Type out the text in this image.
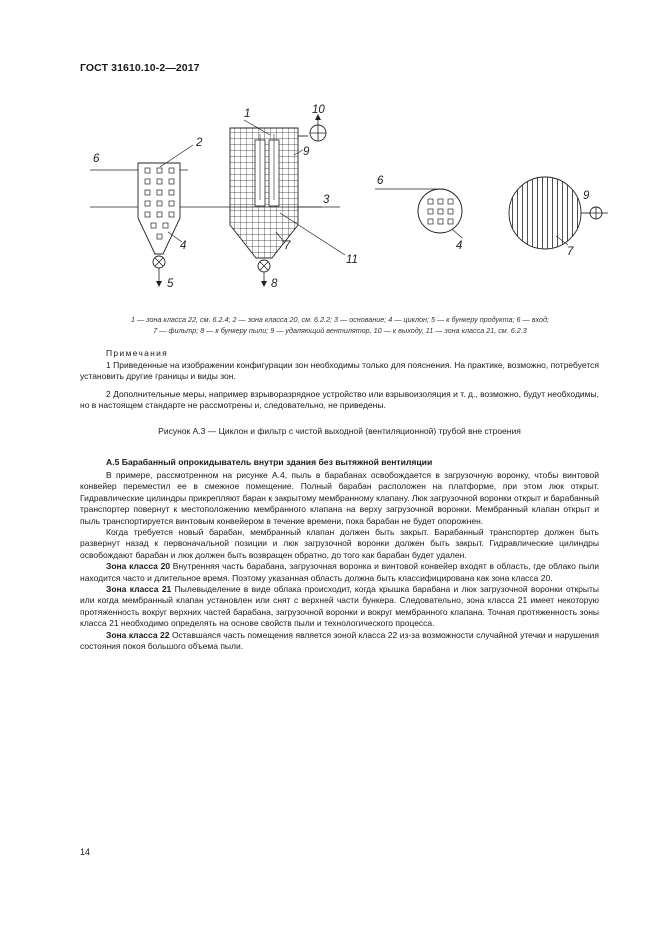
ГОСТ 31610.10-2—2017
1
2
3
4
5
6
7
8
9
10
11
6
4	7
9
1 — зона класса 22, см. 6.2.4; 2 — зона класса 20, см. 6.2.2; 3 — основание; 4 — циклон; 5 — к бункеру продукта; 6 — вход;
7 — фильтр; 8 — к бункеру пыли; 9 — удаляющий вентилятор, 10 — к выходу, 11 — зона класса 21, см. 6.2.3
Примечания

1 Приведенные на изображении конфигурации зон необходимы только для пояснения. На практике, возможно, потребуется установить другие границы и виды зон.

2 Дополнительные меры, например взрыворазрядное устройство или взрывоизоляция и т. д., возможно, будут необходимы, но в настоящем стандарте не рассмотрены и, следовательно, не приведены.

Рисунок А.3 — Циклон и фильтр с чистой выходной (вентиляционной) трубой вне строения
А.5 Барабанный опрокидыватель внутри здания без вытяжной вентиляции

В примере, рассмотренном на рисунке А.4, пыль в барабанах освобождается в загрузочную воронку, чтобы винтовой конвейер переместил ее в смежное помещение. Полный барабан расположен на платформе, при этом люк открыт. Гидравлические цилиндры прикрепляют баран к закрытому мембранному клапану. Люк загрузочной воронки открыт и барабанный транспортер повернут к местоположению мембранного клапана на верху загрузочной воронки. Мембранный клапан открыт и пыль транспортируется винтовым конвейером в течение времени, пока барабан не будет опорожнен.

Когда требуется новый барабан, мембранный клапан должен быть закрыт. Барабанный транспортер должен быть развернут назад к первоначальной позиции и люк загрузочной воронки должен быть закрыт. Гидравлические цилиндры освобождают барабан и люк должен быть возвращен обратно, до того как барабан будет удален.

Зона класса 20 Внутренняя часть барабана, загрузочная воронка и винтовой конвейер входят в область, где облако пыли находится часто и длительное время. Поэтому указанная область должна быть классифицирована как зона класса 20.

Зона класса 21 Пылевыделение в виде облака происходит, когда крышка барабана и люк загрузочной воронки открыты или когда мембранный клапан установлен или снят с верхней части бункера. Следовательно, зона класса 21 имеет некоторую протяженность вокруг верхних частей барабана, загрузочной воронки и вокруг мембранного клапана. Точная протяженность зоны класса 21 необходимо определять на основе свойств пыли и технологического процесса.

Зона класса 22 Оставшаяся часть помещения является зоной класса 22 из-за возможности случайной утечки и нарушения состояния покоя большого объема пыли.

14
